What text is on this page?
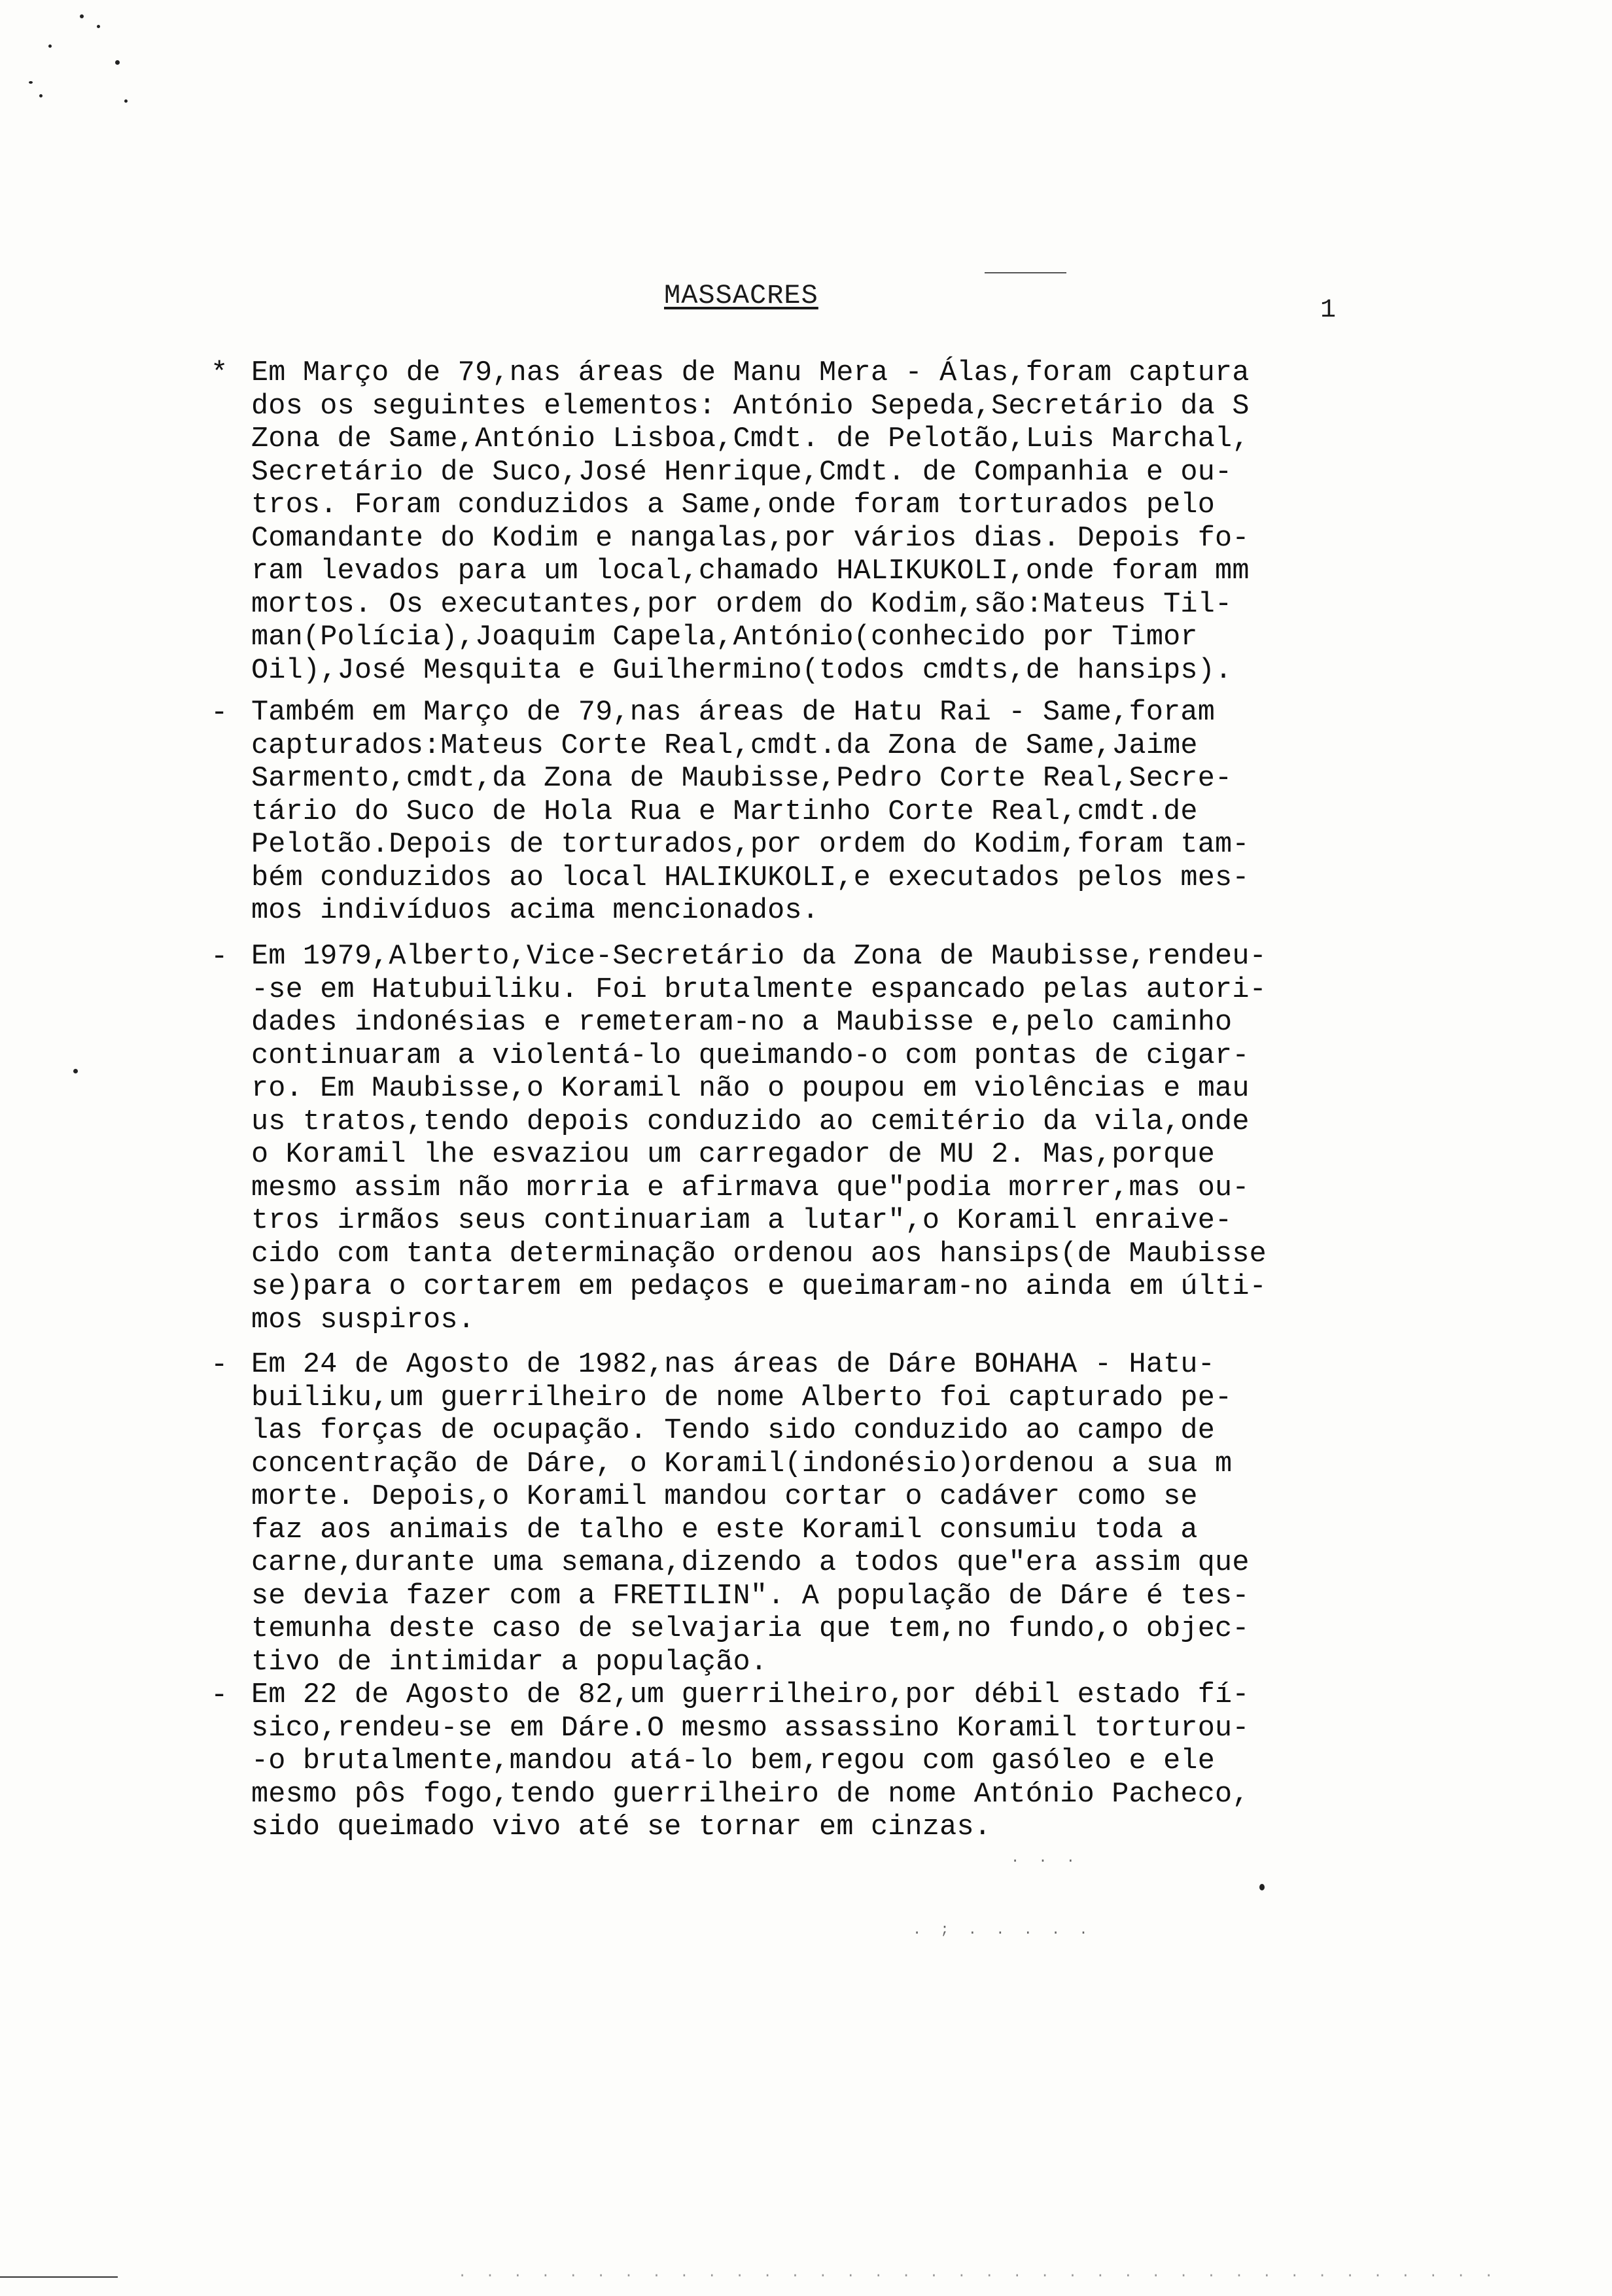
MASSACRES	1
* Em Março de 79,nas áreas de Manu Mera - Álas,foram captura
dos os seguintes elementos: António Sepeda,Secretário da S
Zona de Same,António Lisboa,Cmdt. de Pelotão,Luis Marchal,
Secretário de Suco,José Henrique,Cmdt. de Companhia e ou-
tros. Foram conduzidos a Same,onde foram torturados pelo
Comandante do Kodim e nangalas,por vários dias. Depois fo-
ram levados para um local,chamado HALIKUKOLI,onde foram mm
mortos. Os executantes,por ordem do Kodim,são:Mateus Til-
man(Polícia),Joaquim Capela,António(conhecido por Timor
Oil),José Mesquita e Guilhermino(todos cmdts,de hansips).

- Também em Março de 79,nas áreas de Hatu Rai - Same,foram
capturados:Mateus Corte Real,cmdt.da Zona de Same,Jaime
Sarmento,cmdt,da Zona de Maubisse,Pedro Corte Real,Secre-
tário do Suco de Hola Rua e Martinho Corte Real,cmdt.de
Pelotão.Depois de torturados,por ordem do Kodim,foram tam-
bém conduzidos ao local HALIKUKOLI,e executados pelos mes-
mos indivíduos acima mencionados.

- Em 1979,Alberto,Vice-Secretário da Zona de Maubisse,rendeu-
-se em Hatubuiliku. Foi brutalmente espancado pelas autori-
dades indonésias e remeteram-no a Maubisse e,pelo caminho
continuaram a violentá-lo queimando-o com pontas de cigar-
ro. Em Maubisse,o Koramil não o poupou em violências e mau
us tratos,tendo depois conduzido ao cemitério da vila,onde
o Koramil lhe esvaziou um carregador de MU 2. Mas,porque
mesmo assim não morria e afirmava que"podia morrer,mas ou-
tros irmãos seus continuariam a lutar",o Koramil enraive-
cido com tanta determinação ordenou aos hansips(de Maubisse
se)para o cortarem em pedaços e queimaram-no ainda em últi-
mos suspiros.

- Em 24 de Agosto de 1982,nas áreas de Dáre BOHAHA - Hatu-
builiku,um guerrilheiro de nome Alberto foi capturado pe-
las forças de ocupação. Tendo sido conduzido ao campo de
concentração de Dáre, o Koramil(indonésio)ordenou a sua m
morte. Depois,o Koramil mandou cortar o cadáver como se
faz aos animais de talho e este Koramil consumiu toda a
carne,durante uma semana,dizendo a todos que"era assim que
se devia fazer com a FRETILIN". A população de Dáre é tes-
temunha deste caso de selvajaria que tem,no fundo,o objec-
tivo de intimidar a população.

- Em 22 de Agosto de 82,um guerrilheiro,por débil estado fí-
sico,rendeu-se em Dáre.O mesmo assassino Koramil torturou-
-o brutalmente,mandou atá-lo bem,regou com gasóleo e ele
mesmo pôs fogo,tendo guerrilheiro de nome António Pacheco,
sido queimado vivo até se tornar em cinzas.

. . .
. ; . . . . .
. . . . . . . . . . . . . . . . . . . . . . . . . . . . . . . . . . . . . .
